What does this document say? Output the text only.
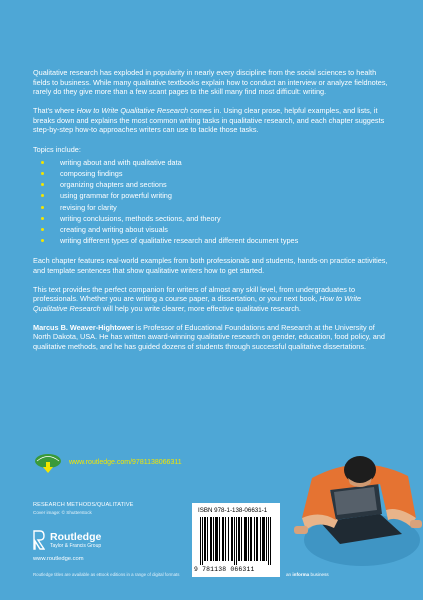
Qualitative research has exploded in popularity in nearly every discipline from the social sciences to health fields to business. While many qualitative textbooks explain how to conduct an interview or analyze fieldnotes, rarely do they give more than a few scant pages to the skill many find most difficult: writing.

That's where How to Write Qualitative Research comes in. Using clear prose, helpful examples, and lists, it breaks down and explains the most common writing tasks in qualitative research, and each chapter suggests step-by-step how-to approaches writers can use to tackle those tasks.

Topics include:
writing about and with qualitative data
composing findings
organizing chapters and sections
using grammar for powerful writing
revising for clarity
writing conclusions, methods sections, and theory
creating and writing about visuals
writing different types of qualitative research and different document types

Each chapter features real-world examples from both professionals and students, hands-on practice activities, and template sentences that show qualitative writers how to get started.

This text provides the perfect companion for writers of almost any skill level, from undergraduates to professionals. Whether you are writing a course paper, a dissertation, or your next book, How to Write Qualitative Research will help you write clearer, more effective qualitative research.

Marcus B. Weaver-Hightower is Professor of Educational Foundations and Research at the University of North Dakota, USA. He has written award-winning qualitative research on gender, education, food policy, and qualitative methods, and he has guided dozens of students through successful qualitative dissertations.

www.routledge.com/9781138066311
RESEARCH METHODS/QUALITATIVE
Cover image: © Shutterstock
Routledge
Taylor & Francis Group
www.routledge.com
Routledge titles are available as eBook editions in a range of digital formats
ISBN 978-1-138-06631-1
9 781138 066311
an informa business
